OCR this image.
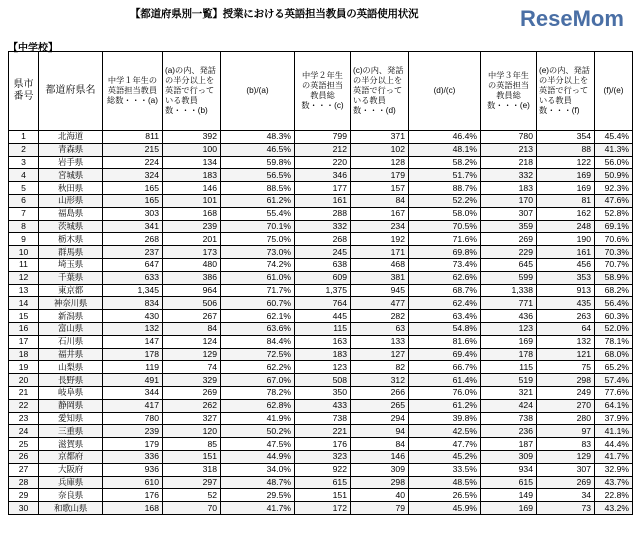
【都道府県別一覧】授業における英語担当教員の英語使用状況	ReseMom
【中学校】
県市番号	都道府県名	中学１年生の英語担当教員総数・・・(a)	(a)の内、発話の半分以上を英語で行っている教員数・・・(b)	(b)/(a)	中学２年生の英語担当教員総数・・・(c)	(c)の内、発話の半分以上を英語で行っている教員数・・・(d)	(d)/(c)	中学３年生の英語担当教員総数・・・(e)	(e)の内、発話の半分以上を英語で行っている教員数・・・(f)	(f)/(e)
1	北海道	811	392	48.3%	799	371	46.4%	780	354	45.4%
2	青森県	215	100	46.5%	212	102	48.1%	213	88	41.3%
3	岩手県	224	134	59.8%	220	128	58.2%	218	122	56.0%
4	宮城県	324	183	56.5%	346	179	51.7%	332	169	50.9%
5	秋田県	165	146	88.5%	177	157	88.7%	183	169	92.3%
6	山形県	165	101	61.2%	161	84	52.2%	170	81	47.6%
7	福島県	303	168	55.4%	288	167	58.0%	307	162	52.8%
8	茨城県	341	239	70.1%	332	234	70.5%	359	248	69.1%
9	栃木県	268	201	75.0%	268	192	71.6%	269	190	70.6%
10	群馬県	237	173	73.0%	245	171	69.8%	229	161	70.3%
11	埼玉県	647	480	74.2%	638	468	73.4%	645	456	70.7%
12	千葉県	633	386	61.0%	609	381	62.6%	599	353	58.9%
13	東京都	1,345	964	71.7%	1,375	945	68.7%	1,338	913	68.2%
14	神奈川県	834	506	60.7%	764	477	62.4%	771	435	56.4%
15	新潟県	430	267	62.1%	445	282	63.4%	436	263	60.3%
16	富山県	132	84	63.6%	115	63	54.8%	123	64	52.0%
17	石川県	147	124	84.4%	163	133	81.6%	169	132	78.1%
18	福井県	178	129	72.5%	183	127	69.4%	178	121	68.0%
19	山梨県	119	74	62.2%	123	82	66.7%	115	75	65.2%
20	長野県	491	329	67.0%	508	312	61.4%	519	298	57.4%
21	岐阜県	344	269	78.2%	350	266	76.0%	321	249	77.6%
22	静岡県	417	262	62.8%	433	265	61.2%	424	270	64.1%
23	愛知県	780	327	41.9%	738	294	39.8%	738	280	37.9%
24	三重県	239	120	50.2%	221	94	42.5%	236	97	41.1%
25	滋賀県	179	85	47.5%	176	84	47.7%	187	83	44.4%
26	京都府	336	151	44.9%	323	146	45.2%	309	129	41.7%
27	大阪府	936	318	34.0%	922	309	33.5%	934	307	32.9%
28	兵庫県	610	297	48.7%	615	298	48.5%	615	269	43.7%
29	奈良県	176	52	29.5%	151	40	26.5%	149	34	22.8%
30	和歌山県	168	70	41.7%	172	79	45.9%	169	73	43.2%
